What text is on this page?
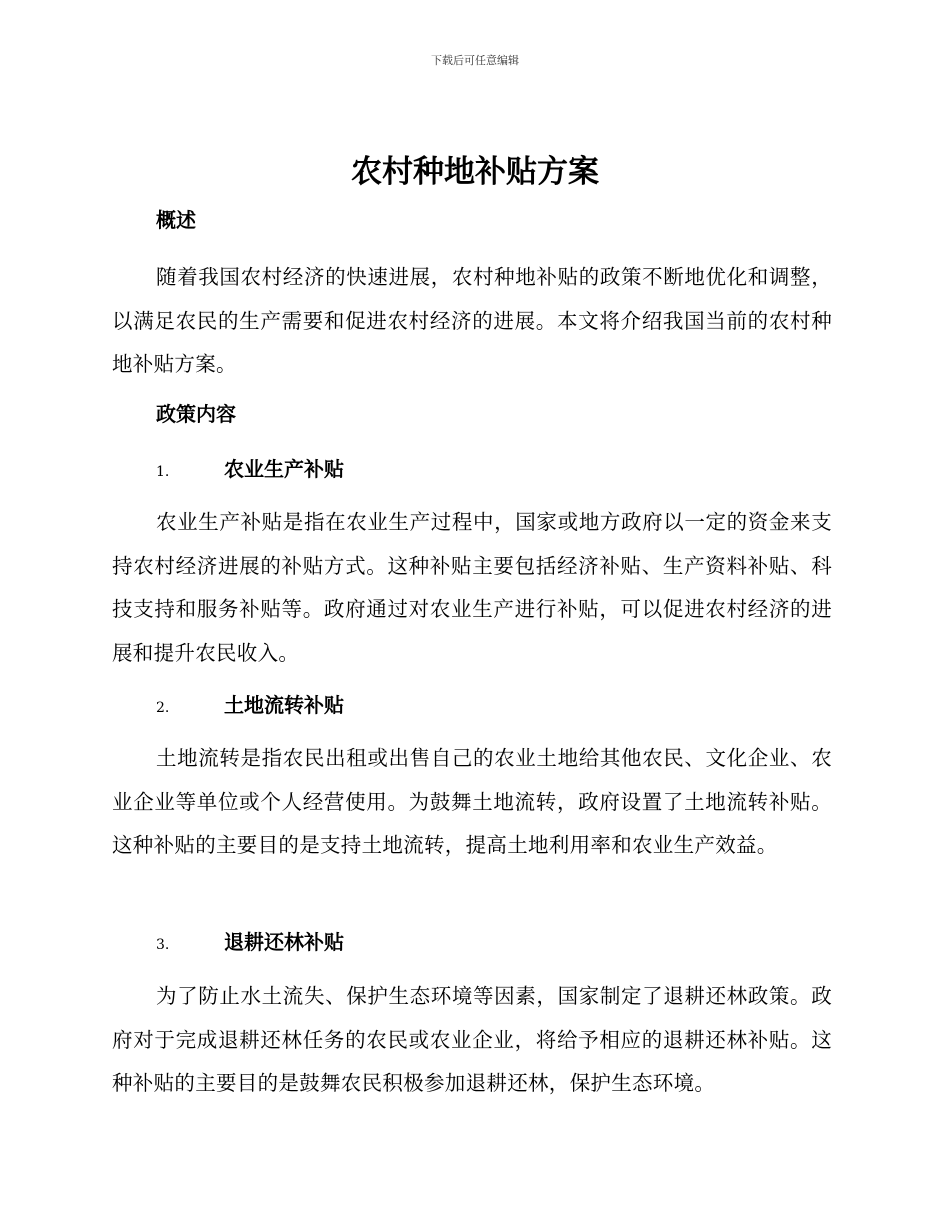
下载后可任意编辑
农村种地补贴方案
概述

随着我国农村经济的快速进展，农村种地补贴的政策不断地优化和调整，以满足农民的生产需要和促进农村经济的进展。本文将介绍我国当前的农村种地补贴方案。

政策内容
1.	农业生产补贴

农业生产补贴是指在农业生产过程中，国家或地方政府以一定的资金来支持农村经济进展的补贴方式。这种补贴主要包括经济补贴、生产资料补贴、科技支持和服务补贴等。政府通过对农业生产进行补贴，可以促进农村经济的进展和提升农民收入。

2.	土地流转补贴

土地流转是指农民出租或出售自己的农业土地给其他农民、文化企业、农业企业等单位或个人经营使用。为鼓舞土地流转，政府设置了土地流转补贴。这种补贴的主要目的是支持土地流转，提高土地利用率和农业生产效益。

3.	退耕还林补贴

为了防止水土流失、保护生态环境等因素，国家制定了退耕还林政策。政府对于完成退耕还林任务的农民或农业企业，将给予相应的退耕还林补贴。这种补贴的主要目的是鼓舞农民积极参加退耕还林，保护生态环境。
